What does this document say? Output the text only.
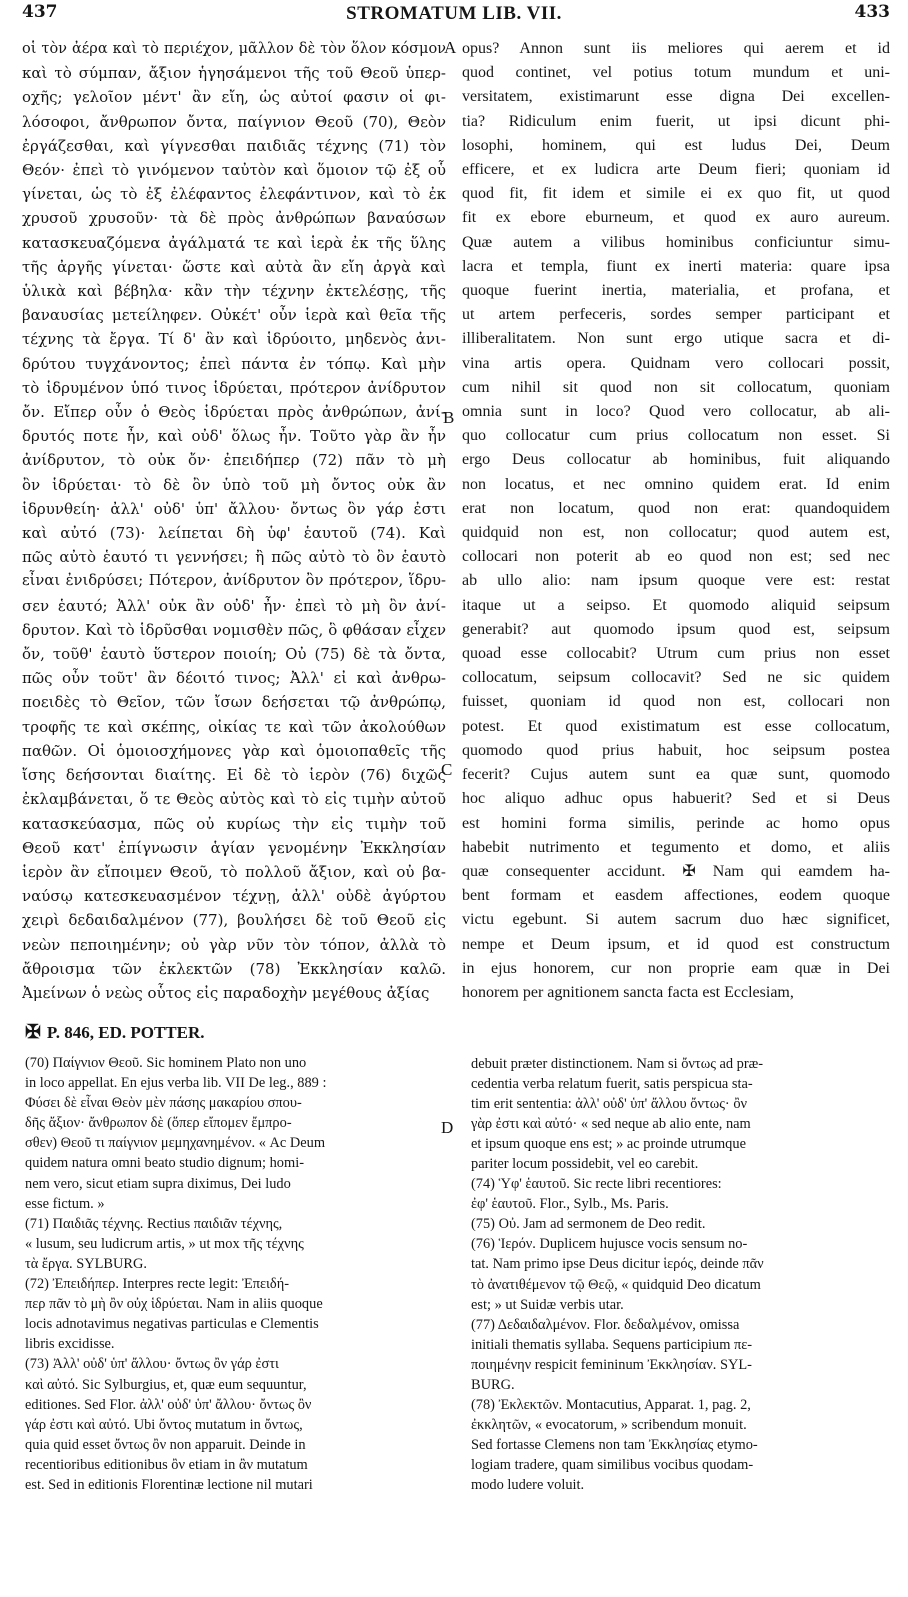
437	STROMATUM LIB. VII.	433
οἱ τὸν ἀέρα καὶ τὸ περιέχον, μᾶλλον δὲ τὸν ὅλον κόσμον
καὶ τὸ σύμπαν, ἄξιον ἡγησάμενοι τῆς τοῦ Θεοῦ ὑπερ-
οχῆς; γελοῖον μέντ' ἂν εἴη, ὡς αὐτοί φασιν οἱ φι-
λόσοφοι, ἄνθρωπον ὄντα, παίγνιον Θεοῦ (70), Θεὸν
ἐργάζεσθαι, καὶ γίγνεσθαι παιδιᾶς τέχνης (71) τὸν
Θεόν· ἐπεὶ τὸ γινόμενον ταὐτὸν καὶ ὅμοιον τῷ ἐξ οὗ
γίνεται, ὡς τὸ ἐξ ἐλέφαντος ἐλεφάντινον, καὶ τὸ ἐκ
χρυσοῦ χρυσοῦν· τὰ δὲ πρὸς ἀνθρώπων βαναύσων
κατασκευαζόμενα ἀγάλματά τε καὶ ἱερὰ ἐκ τῆς ὕλης
τῆς ἀργῆς γίνεται· ὥστε καὶ αὐτὰ ἂν εἴη ἀργὰ καὶ
ὑλικὰ καὶ βέβηλα· κἂν τὴν τέχνην ἐκτελέσῃς, τῆς
βαναυσίας μετείληφεν. Οὐκέτ' οὖν ἱερὰ καὶ θεῖα τῆς
τέχνης τὰ ἔργα. Τί δ' ἂν καὶ ἱδρύοιτο, μηδενὸς ἀνι-
δρύτου τυγχάνοντος; ἐπεὶ πάντα ἐν τόπῳ. Καὶ μὴν
τὸ ἱδρυμένον ὑπό τινος ἱδρύεται, πρότερον ἀνίδρυτον
ὄν. Εἴπερ οὖν ὁ Θεὸς ἱδρύεται πρὸς ἀνθρώπων, ἀνί-
δρυτός ποτε ἦν, καὶ οὐδ' ὅλως ἦν. Τοῦτο γὰρ ἂν ἦν
ἀνίδρυτον, τὸ οὐκ ὄν· ἐπειδήπερ (72) πᾶν τὸ μὴ
ὂν ἱδρύεται· τὸ δὲ ὂν ὑπὸ τοῦ μὴ ὄντος οὐκ ἂν
ἱδρυνθείη· ἀλλ' οὐδ' ὑπ' ἄλλου· ὄντως ὂν γάρ ἐστι
καὶ αὐτό (73)· λείπεται δὴ ὑφ' ἑαυτοῦ (74). Καὶ
πῶς αὐτὸ ἑαυτό τι γεννήσει; ἢ πῶς αὐτὸ τὸ ὂν ἑαυτὸ
εἶναι ἐνιδρύσει; Πότερον, ἀνίδρυτον ὂν πρότερον, ἵδρυ-
σεν ἑαυτό; Ἀλλ' οὐκ ἂν οὐδ' ἦν· ἐπεὶ τὸ μὴ ὂν ἀνί-
δρυτον. Καὶ τὸ ἱδρῦσθαι νομισθὲν πῶς, ὃ φθάσαν εἶχεν
ὄν, τοῦθ' ἑαυτὸ ὕστερον ποιοίη; Οὐ (75) δὲ τὰ ὄντα,
πῶς οὖν τοῦτ' ἂν δέοιτό τινος; Ἀλλ' εἰ καὶ ἀνθρω-
ποειδὲς τὸ Θεῖον, τῶν ἴσων δεήσεται τῷ ἀνθρώπῳ,
τροφῆς τε καὶ σκέπης, οἰκίας τε καὶ τῶν ἀκολούθων
παθῶν. Οἱ ὁμοιοσχήμονες γὰρ καὶ ὁμοιοπαθεῖς τῆς
ἴσης δεήσονται διαίτης. Εἰ δὲ τὸ ἱερὸν (76) διχῶς
ἐκλαμβάνεται, ὅ τε Θεὸς αὐτὸς καὶ τὸ εἰς τιμὴν αὐτοῦ
κατασκεύασμα, πῶς οὐ κυρίως τὴν εἰς τιμὴν τοῦ
Θεοῦ κατ' ἐπίγνωσιν ἁγίαν γενομένην Ἐκκλησίαν
ἱερὸν ἂν εἴποιμεν Θεοῦ, τὸ πολλοῦ ἄξιον, καὶ οὐ βα-
ναύσῳ κατεσκευασμένον τέχνῃ, ἀλλ' οὐδὲ ἀγύρτου
χειρὶ δεδαιδαλμένον (77), βουλήσει δὲ τοῦ Θεοῦ εἰς
νεὼν πεποιημένην; οὐ γὰρ νῦν τὸν τόπον, ἀλλὰ τὸ
ἄθροισμα τῶν ἐκλεκτῶν (78) Ἐκκλησίαν καλῶ.
Ἀμείνων ὁ νεὼς οὗτος εἰς παραδοχὴν μεγέθους ἀξίας
opus? Annon sunt iis meliores qui aerem et id
quod continet, vel potius totum mundum et uni-
versitatem, existimarunt esse digna Dei excellen-
tia? Ridiculum enim fuerit, ut ipsi dicunt phi-
losophi, hominem, qui est ludus Dei, Deum
efficere, et ex ludicra arte Deum fieri; quoniam id
quod fit, fit idem et simile ei ex quo fit, ut quod
fit ex ebore eburneum, et quod ex auro aureum.
Quæ autem a vilibus hominibus conficiuntur simu-
lacra et templa, fiunt ex inerti materia: quare ipsa
quoque fuerint inertia, materialia, et profana, et
ut artem perfeceris, sordes semper participant et
illiberalitatem. Non sunt ergo utique sacra et di-
vina artis opera. Quidnam vero collocari possit,
cum nihil sit quod non sit collocatum, quoniam
omnia sunt in loco? Quod vero collocatur, ab ali-
quo collocatur cum prius collocatum non esset. Si
ergo Deus collocatur ab hominibus, fuit aliquando
non locatus, et nec omnino quidem erat. Id enim
erat non locatum, quod non erat: quandoquidem
quidquid non est, non collocatur; quod autem est,
collocari non poterit ab eo quod non est; sed nec
ab ullo alio: nam ipsum quoque vere est: restat
itaque ut a seipso. Et quomodo aliquid seipsum
generabit? aut quomodo ipsum quod est, seipsum
quoad esse collocabit? Utrum cum prius non esset
collocatum, seipsum collocavit? Sed ne sic quidem
fuisset, quoniam id quod non est, collocari non
potest. Et quod existimatum est esse collocatum,
quomodo quod prius habuit, hoc seipsum postea
fecerit? Cujus autem sunt ea quæ sunt, quomodo
hoc aliquo adhuc opus habuerit? Sed et si Deus
est homini forma similis, perinde ac homo opus
habebit nutrimento et tegumento et domo, et aliis
quæ consequenter accidunt. ✠ Nam qui eamdem ha-
bent formam et easdem affectiones, eodem quoque
victu egebunt. Si autem sacrum duo hæc significet,
nempe et Deum ipsum, et id quod est constructum
in ejus honorem, cur non proprie eam quæ in Dei
honorem per agnitionem sancta facta est Ecclesiam,
A
B
C
D
✠ P. 846, ED. POTTER.
(70) Παίγνιον Θεοῦ. Sic hominem Plato non uno
in loco appellat. En ejus verba lib. VII De leg., 889 :
Φύσει δὲ εἶναι Θεὸν μὲν πάσης μακαρίου σπου-
δῆς ἄξιον· ἄνθρωπον δὲ (ὅπερ εἴπομεν ἔμπρο-
σθεν) Θεοῦ τι παίγνιον μεμηχανημένον. « Ac Deum
quidem natura omni beato studio dignum; homi-
nem vero, sicut etiam supra diximus, Dei ludo
esse fictum. »
(71) Παιδιᾶς τέχνης. Rectius παιδιᾶν τέχνης,
« lusum, seu ludicrum artis, » ut mox τῆς τέχνης
τὰ ἔργα. SYLBURG.
(72) Ἐπειδήπερ. Interpres recte legit: Ἐπειδή-
περ πᾶν τὸ μὴ ὂν οὐχ ἱδρύεται. Nam in aliis quoque
locis adnotavimus negativas particulas e Clementis
libris excidisse.
(73) Ἀλλ' οὐδ' ὑπ' ἄλλου· ὄντως ὂν γάρ ἐστι
καὶ αὐτό. Sic Sylburgius, et, quæ eum sequuntur,
editiones. Sed Flor. ἀλλ' οὐδ' ὑπ' ἄλλου· ὄντως ὂν
γάρ ἐστι καὶ αὐτό. Ubi ὄντος mutatum in ὄντως,
quia quid esset ὄντως ὂν non apparuit. Deinde in
recentioribus editionibus ὂν etiam in ἂν mutatum
est. Sed in editionis Florentinæ lectione nil mutari
debuit præter distinctionem. Nam si ὄντως ad præ-
cedentia verba relatum fuerit, satis perspicua sta-
tim erit sententia: ἀλλ' οὐδ' ὑπ' ἄλλου ὄντως· ὂν
γὰρ ἐστι καὶ αὐτό· « sed neque ab alio ente, nam
et ipsum quoque ens est; » ac proinde utrumque
pariter locum possidebit, vel eo carebit.
(74) Ὑφ' ἑαυτοῦ. Sic recte libri recentiores:
ἐφ' ἑαυτοῦ. Flor., Sylb., Ms. Paris.
(75) Οὐ. Jam ad sermonem de Deo redit.
(76) Ἱερόν. Duplicem hujusce vocis sensum no-
tat. Nam primo ipse Deus dicitur ἱερός, deinde πᾶν
τὸ ἀνατιθέμενον τῷ Θεῷ, « quidquid Deo dicatum
est; » ut Suidæ verbis utar.
(77) Δεδαιδαλμένον. Flor. δεδαλμένον, omissa
initiali thematis syllaba. Sequens participium πε-
ποιημένην respicit femininum Ἐκκλησίαν. SYL-
BURG.
(78) Ἐκλεκτῶν. Montacutius, Apparat. 1, pag. 2,
ἐκκλητῶν, « evocatorum, » scribendum monuit.
Sed fortasse Clemens non tam Ἐκκλησίας etymo-
logiam tradere, quam similibus vocibus quodam-
modo ludere voluit.
